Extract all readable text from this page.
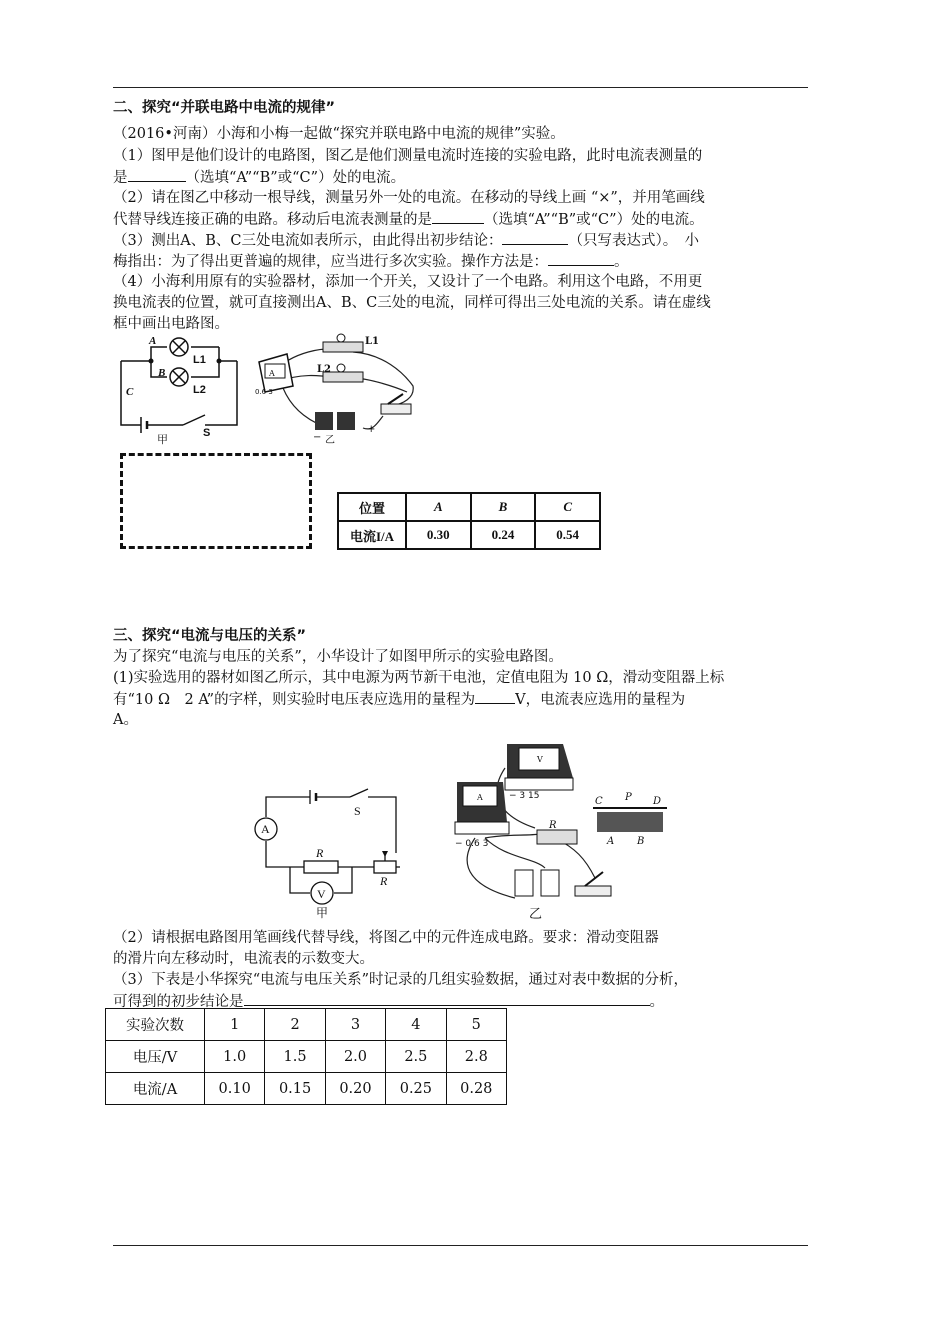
二、探究“并联电路中电流的规律”
（2016•河南）小海和小梅一起做“探究并联电路中电流的规律”实验。
（1）图甲是他们设计的电路图，图乙是他们测量电流时连接的实验电路，此时电流表测量的
是	（选填“A”“B”或“C”）处的电流。
（2）请在图乙中移动一根导线，测量另外一处的电流。在移动的导线上画 “×”，并用笔画线
代替导线连接正确的电路。移动后电流表测量的是	（选填“A”“B”或“C”）处的电流。
（3）测出A、B、C三处电流如表所示，由此得出初步结论：	（只写表达式）。　小
梅指出：为了得出更普遍的规律，应当进行多次实验。操作方法是：	。
（4）小海利用原有的实验器材，添加一个开关，又设计了一个电路。利用这个电路，不用更
换电流表的位置，就可直接测出A、B、C三处的电流，同样可得出三处电流的关系。请在虚线
框中画出电路图。
A
B
C
L1
L2
S
甲
A
0.6 3
L1
L2
−
+
乙
位置	A	B	C
电流I/A	0.30	0.24	0.54
三、探究“电流与电压的关系”
为了探究“电流与电压的关系”，小华设计了如图甲所示的实验电路图。
(1)实验选用的器材如图乙所示，其中电源为两节新干电池，定值电阻为 10 Ω，滑动变阻器上标
有“10 Ω　2 A”的字样，则实验时电压表应选用的量程为	V，电流表应选用的量程为
A。
A
V
R
R
S
甲
V
− 3 15
A
− 0.6 3
R
C P D
A B
乙
（2）请根据电路图用笔画线代替导线，将图乙中的元件连成电路。要求：滑动变阻器
的滑片向左移动时，电流表的示数变大。
（3）下表是小华探究“电流与电压关系”时记录的几组实验数据，通过对表中数据的分析，
可得到的初步结论是	。
实验次数	1	2	3	4	5
电压/V	1.0	1.5	2.0	2.5	2.8
电流/A	0.10	0.15	0.20	0.25	0.28
